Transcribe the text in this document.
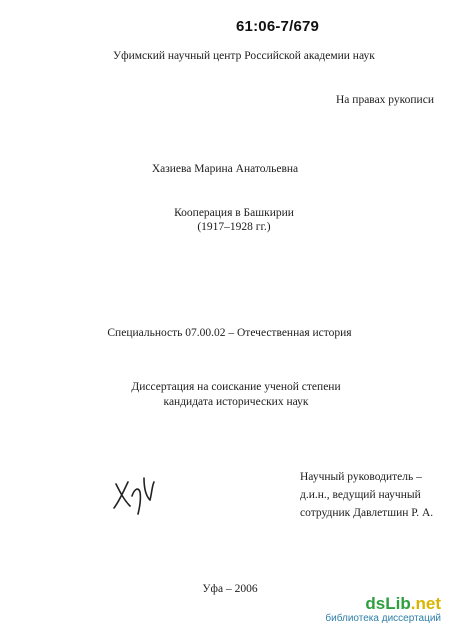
61:06-7/679
Уфимский научный центр Российской академии наук
На правах рукописи
Хазиева Марина Анатольевна
Кооперация в Башкирии
(1917–1928 гг.)
Специальность 07.00.02 – Отечественная история
Диссертация на соискание ученой степени
кандидата исторических наук
Научный руководитель –
д.и.н., ведущий научный
сотрудник Давлетшин Р. А.
Уфа – 2006
dsLib.net
библиотека диссертаций
